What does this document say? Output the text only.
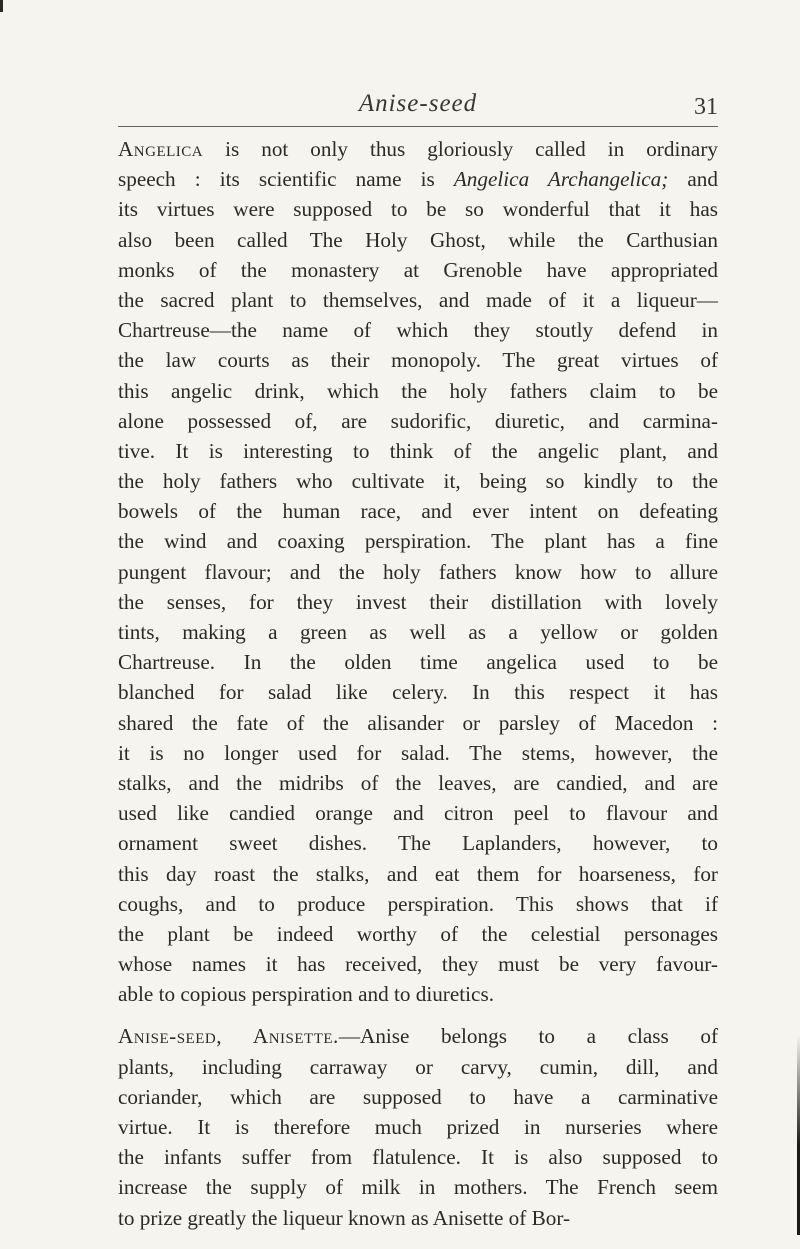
Anise-seed	31
Angelica is not only thus gloriously called in ordinary
speech : its scientific name is Angelica Archangelica; and
its virtues were supposed to be so wonderful that it has
also been called The Holy Ghost, while the Carthusian
monks of the monastery at Grenoble have appropriated
the sacred plant to themselves, and made of it a liqueur—
Chartreuse—the name of which they stoutly defend in
the law courts as their monopoly. The great virtues of
this angelic drink, which the holy fathers claim to be
alone possessed of, are sudorific, diuretic, and carmina-
tive. It is interesting to think of the angelic plant, and
the holy fathers who cultivate it, being so kindly to the
bowels of the human race, and ever intent on defeating
the wind and coaxing perspiration. The plant has a fine
pungent flavour; and the holy fathers know how to allure
the senses, for they invest their distillation with lovely
tints, making a green as well as a yellow or golden
Chartreuse. In the olden time angelica used to be
blanched for salad like celery. In this respect it has
shared the fate of the alisander or parsley of Macedon :
it is no longer used for salad. The stems, however, the
stalks, and the midribs of the leaves, are candied, and are
used like candied orange and citron peel to flavour and
ornament sweet dishes. The Laplanders, however, to
this day roast the stalks, and eat them for hoarseness, for
coughs, and to produce perspiration. This shows that if
the plant be indeed worthy of the celestial personages
whose names it has received, they must be very favour-
able to copious perspiration and to diuretics.
Anise-seed, Anisette.—Anise belongs to a class of
plants, including carraway or carvy, cumin, dill, and
coriander, which are supposed to have a carminative
virtue. It is therefore much prized in nurseries where
the infants suffer from flatulence. It is also supposed to
increase the supply of milk in mothers. The French seem
to prize greatly the liqueur known as Anisette of Bor-
